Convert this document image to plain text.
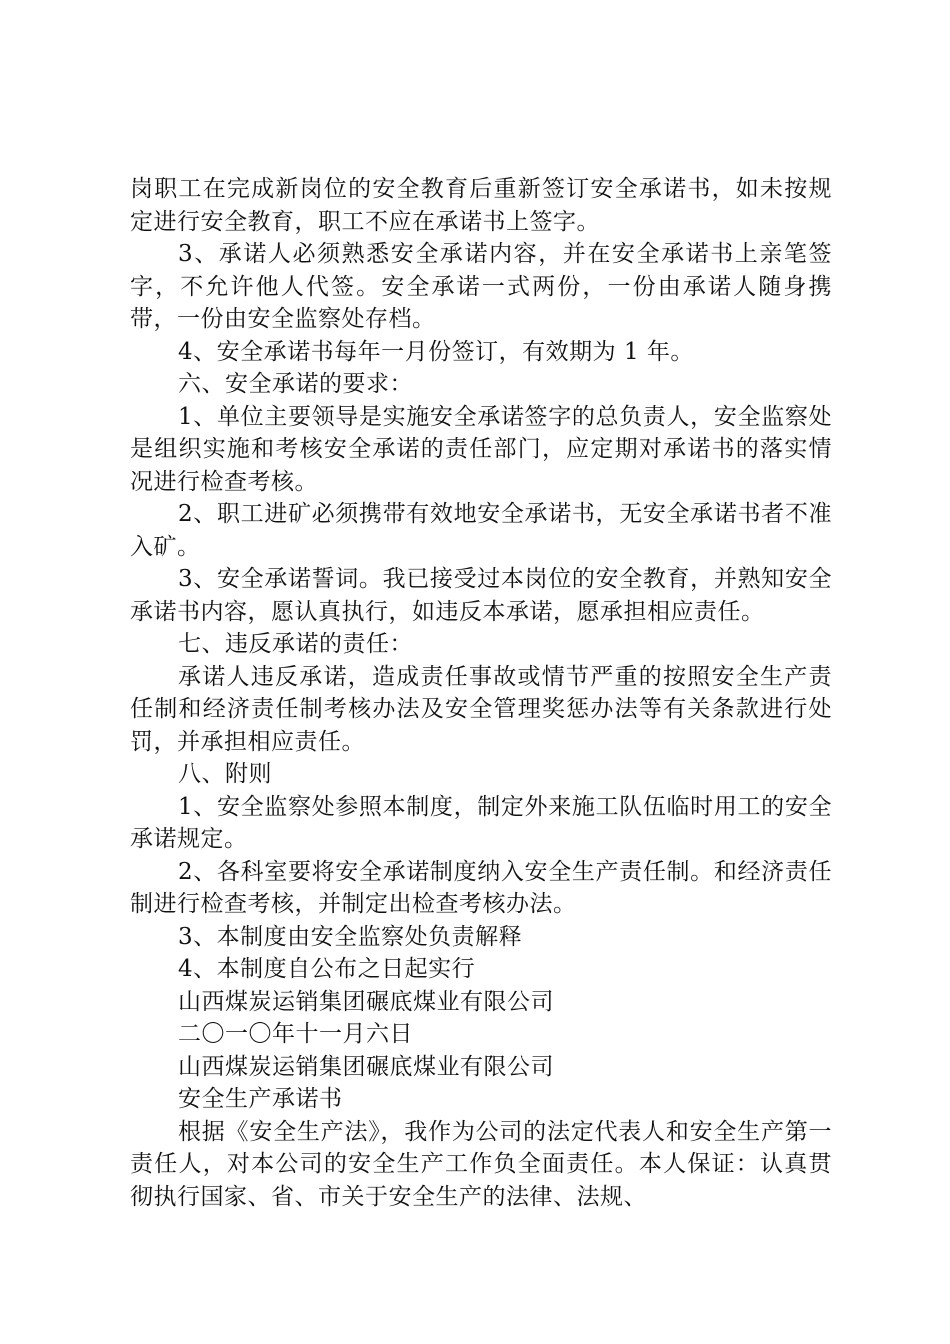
岗职工在完成新岗位的安全教育后重新签订安全承诺书，如未按规定进行安全教育，职工不应在承诺书上签字。

3、承诺人必须熟悉安全承诺内容，并在安全承诺书上亲笔签字，不允许他人代签。安全承诺一式两份，一份由承诺人随身携带，一份由安全监察处存档。

4、安全承诺书每年一月份签订，有效期为 1 年。

六、安全承诺的要求：

1、单位主要领导是实施安全承诺签字的总负责人，安全监察处是组织实施和考核安全承诺的责任部门，应定期对承诺书的落实情况进行检查考核。

2、职工进矿必须携带有效地安全承诺书，无安全承诺书者不准入矿。

3、安全承诺誓词。我已接受过本岗位的安全教育，并熟知安全承诺书内容，愿认真执行，如违反本承诺，愿承担相应责任。

七、违反承诺的责任：

承诺人违反承诺，造成责任事故或情节严重的按照安全生产责任制和经济责任制考核办法及安全管理奖惩办法等有关条款进行处罚，并承担相应责任。

八、附则

1、安全监察处参照本制度，制定外来施工队伍临时用工的安全承诺规定。

2、各科室要将安全承诺制度纳入安全生产责任制。和经济责任制进行检查考核，并制定出检查考核办法。

3、本制度由安全监察处负责解释

4、本制度自公布之日起实行

山西煤炭运销集团碾底煤业有限公司

二〇一〇年十一月六日

山西煤炭运销集团碾底煤业有限公司

安全生产承诺书

根据《安全生产法》，我作为公司的法定代表人和安全生产第一责任人，对本公司的安全生产工作负全面责任。本人保证：认真贯彻执行国家、省、市关于安全生产的法律、法规、
